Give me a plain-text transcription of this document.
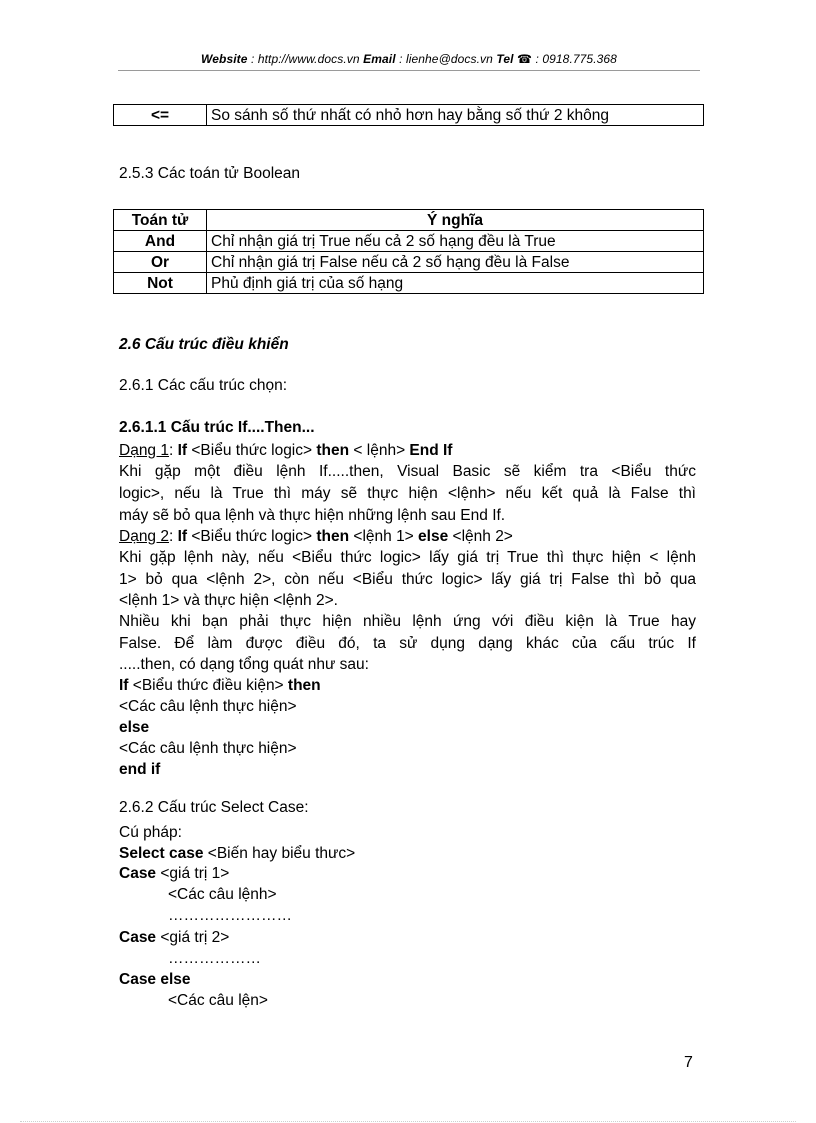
Website : http://www.docs.vn Email : lienhe@docs.vn Tel ☎ : 0918.775.368
<=	So sánh số thứ nhất có nhỏ hơn hay bằng số thứ 2 không
2.5.3 Các toán tử Boolean
Toán tử	Ý nghĩa
And	Chỉ nhận giá trị True nếu cả 2 số hạng đều là True
Or	Chỉ nhận giá trị False nếu cả 2 số hạng đều là False
Not	Phủ định giá trị của số hạng
2.6 Cấu trúc điều khiển
2.6.1 Các cấu trúc chọn:
2.6.1.1 Cấu trúc If....Then...
Dạng 1: If <Biểu thức logic> then < lệnh> End If
Khi gặp một điều lệnh If.....then, Visual Basic sẽ kiểm tra <Biểu thức
logic>, nếu là True thì máy sẽ thực hiện <lệnh> nếu kết quả là False thì
máy sẽ bỏ qua lệnh và thực hiện những lệnh sau End If.
Dạng 2: If <Biểu thức logic> then <lệnh 1> else <lệnh 2>
Khi gặp lệnh này, nếu <Biểu thức logic> lấy giá trị True thì thực hiện < lệnh
1> bỏ qua <lệnh 2>, còn nếu <Biểu thức logic> lấy giá trị False thì bỏ qua
<lệnh 1> và thực hiện <lệnh 2>.
Nhiều khi bạn phải thực hiện nhiều lệnh ứng với điều kiện là True hay
False. Để làm được điều đó, ta sử dụng dạng khác của cấu trúc If
.....then, có dạng tổng quát như sau:
If <Biểu thức điều kiện> then
<Các câu lệnh thực hiện>
else
<Các câu lệnh thực hiện>
end if
2.6.2 Cấu trúc Select Case:
Cú pháp:
Select case <Biến hay biểu thưc>
Case <giá trị 1>
<Các câu lệnh>
……………………
Case <giá trị 2>
………………
Case else
<Các câu lện>
7
